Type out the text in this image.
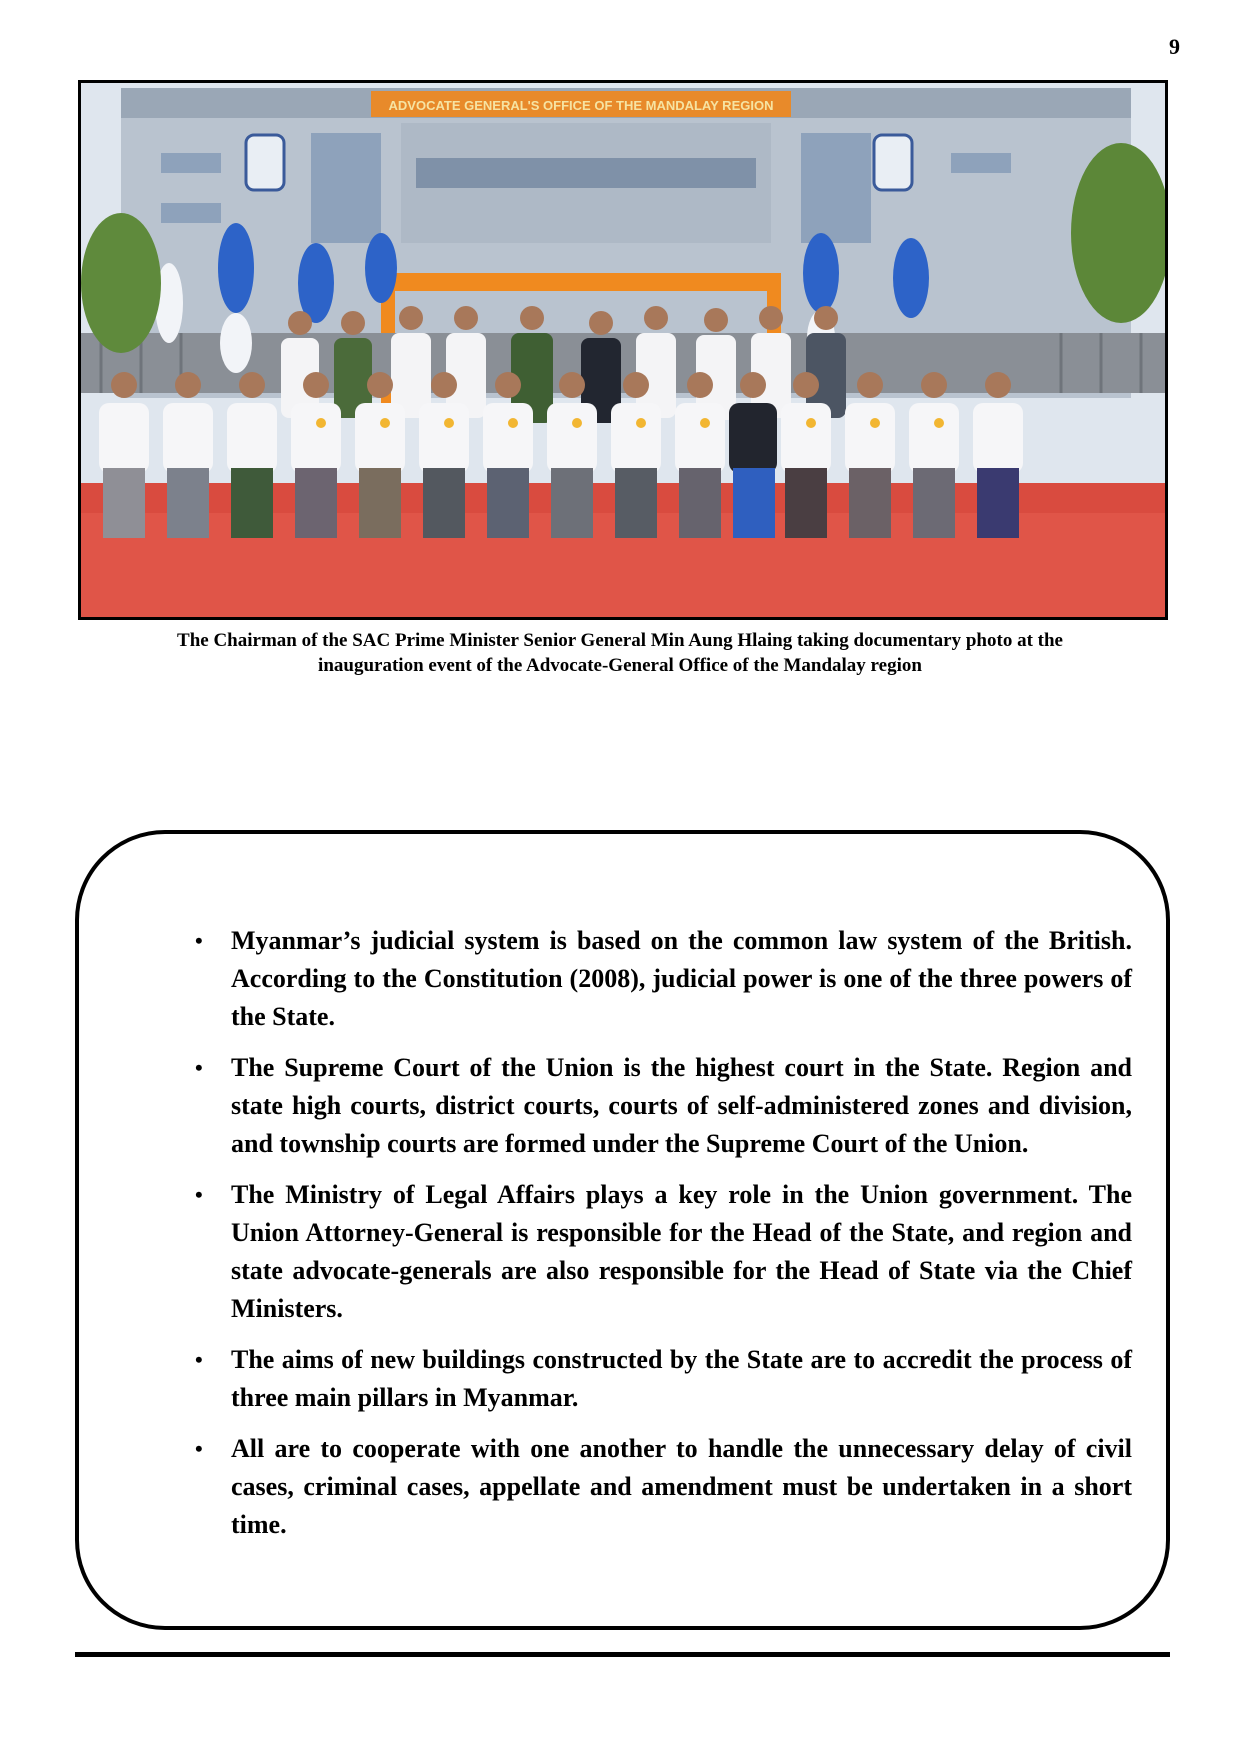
9
ADVOCATE GENERAL'S OFFICE OF THE MANDALAY REGION
The Chairman of the SAC Prime Minister Senior General Min Aung Hlaing taking documentary photo at the
inauguration event of the Advocate-General Office of the Mandalay region
• Myanmar’s judicial system is based on the common law system of the British. According to the Constitution (2008), judicial power is one of the three powers of the State.
• The Supreme Court of the Union is the highest court in the State. Region and state high courts, district courts, courts of self-administered zones and division, and township courts are formed under the Supreme Court of the Union.
• The Ministry of Legal Affairs plays a key role in the Union government. The Union Attorney-General is responsible for the Head of the State, and region and state advocate-generals are also responsible for the Head of State via the Chief Ministers.
• The aims of new buildings constructed by the State are to accredit the process of three main pillars in Myanmar.
• All are to cooperate with one another to handle the unnecessary delay of civil cases, criminal cases, appellate and amendment must be undertaken in a short time.
